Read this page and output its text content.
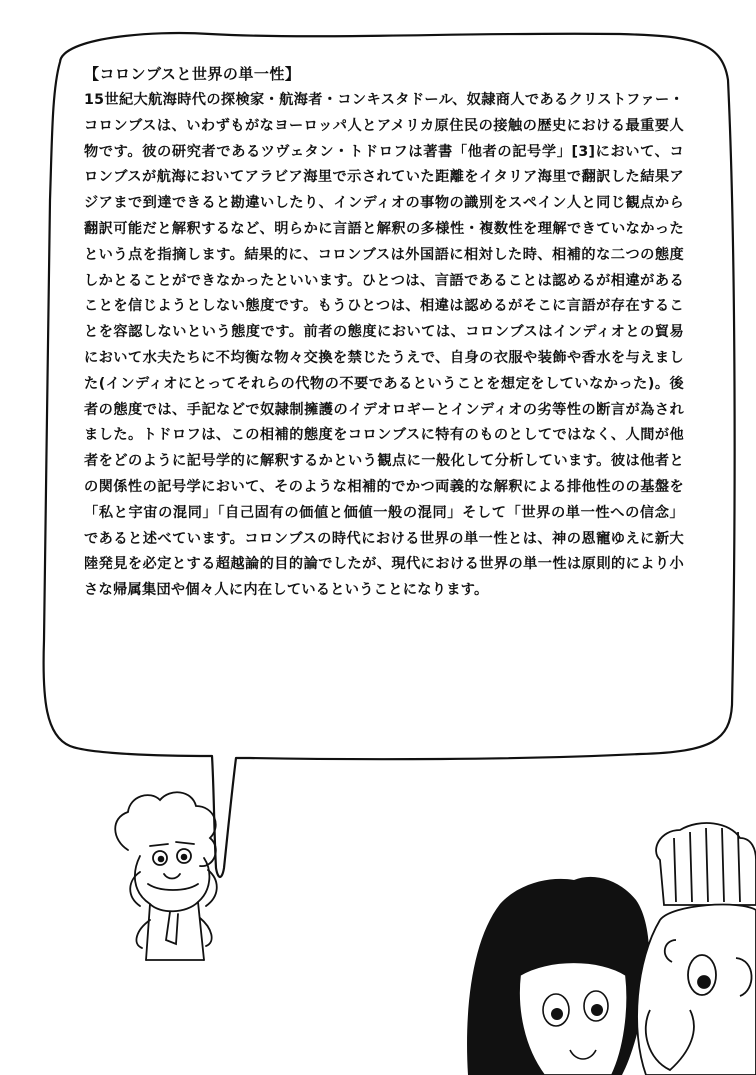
【コロンブスと世界の単一性】

15世紀大航海時代の探検家・航海者・コンキスタドール、奴隷商人であるクリストファー・コロンブスは、いわずもがなヨーロッパ人とアメリカ原住民の接触の歴史における最重要人物です。彼の研究者であるツヴェタン・トドロフは著書「他者の記号学」[3]において、コロンブスが航海においてアラビア海里で示されていた距離をイタリア海里で翻訳した結果アジアまで到達できると勘違いしたり、インディオの事物の識別をスペイン人と同じ観点から翻訳可能だと解釈するなど、明らかに言語と解釈の多様性・複数性を理解できていなかったという点を指摘します。結果的に、コロンブスは外国語に相対した時、相補的な二つの態度しかとることができなかったといいます。ひとつは、言語であることは認めるが相違があることを信じようとしない態度です。もうひとつは、相違は認めるがそこに言語が存在することを容認しないという態度です。前者の態度においては、コロンブスはインディオとの貿易において水夫たちに不均衡な物々交換を禁じたうえで、自身の衣服や装飾や香水を与えました(インディオにとってそれらの代物の不要であるということを想定をしていなかった)。後者の態度では、手記などで奴隷制擁護のイデオロギーとインディオの劣等性の断言が為されました。トドロフは、この相補的態度をコロンブスに特有のものとしてではなく、人間が他者をどのように記号学的に解釈するかという観点に一般化して分析しています。彼は他者との関係性の記号学において、そのような相補的でかつ両義的な解釈による排他性のの基盤を「私と宇宙の混同」「自己固有の価値と価値一般の混同」そして「世界の単一性への信念」であると述べています。コロンブスの時代における世界の単一性とは、神の恩寵ゆえに新大陸発見を必定とする超越論的目的論でしたが、現代における世界の単一性は原則的により小さな帰属集団や個々人に内在しているということになります。
